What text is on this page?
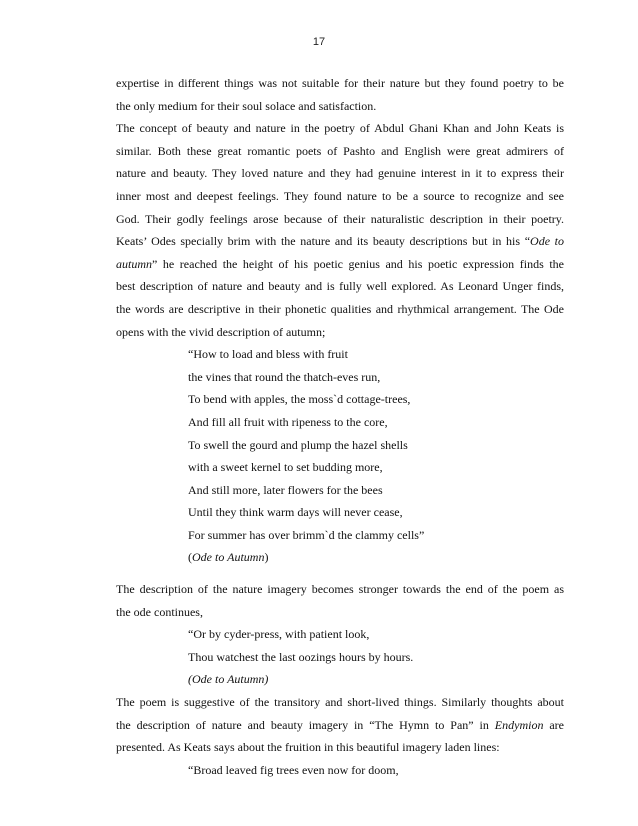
17

expertise in different things was not suitable for their nature but they found poetry to be
the only medium for their soul solace and satisfaction.

The concept of beauty and nature in the poetry of Abdul Ghani Khan and John Keats is
similar. Both these great romantic poets of Pashto and English were great admirers of
nature and beauty. They loved nature and they had genuine interest in it to express their
inner most and deepest feelings. They found nature to be a source to recognize and see
God. Their godly feelings arose because of their naturalistic description in their poetry.
Keats’ Odes specially brim with the nature and its beauty descriptions but in his “Ode to
autumn” he reached the height of his poetic genius and his poetic expression finds the
best description of nature and beauty and is fully well explored. As Leonard Unger finds,
the words are descriptive in their phonetic qualities and rhythmical arrangement. The Ode
opens with the vivid description of autumn;

“How to load and bless with fruit
the vines that round the thatch-eves run,
To bend with apples, the moss`d cottage-trees,
And fill all fruit with ripeness to the core,
To swell the gourd and plump the hazel shells
with a sweet kernel to set budding more,
And still more, later flowers for the bees
Until they think warm days will never cease,
For summer has over brimm`d the clammy cells”
(Ode to Autumn)

The description of the nature imagery becomes stronger towards the end of the poem as
the ode continues,

“Or by cyder-press, with patient look,
Thou watchest the last oozings hours by hours.
(Ode to Autumn)

The poem is suggestive of the transitory and short-lived things. Similarly thoughts about
the description of nature and beauty imagery in “The Hymn to Pan” in Endymion are
presented. As Keats says about the fruition in this beautiful imagery laden lines:

“Broad leaved fig trees even now for doom,
